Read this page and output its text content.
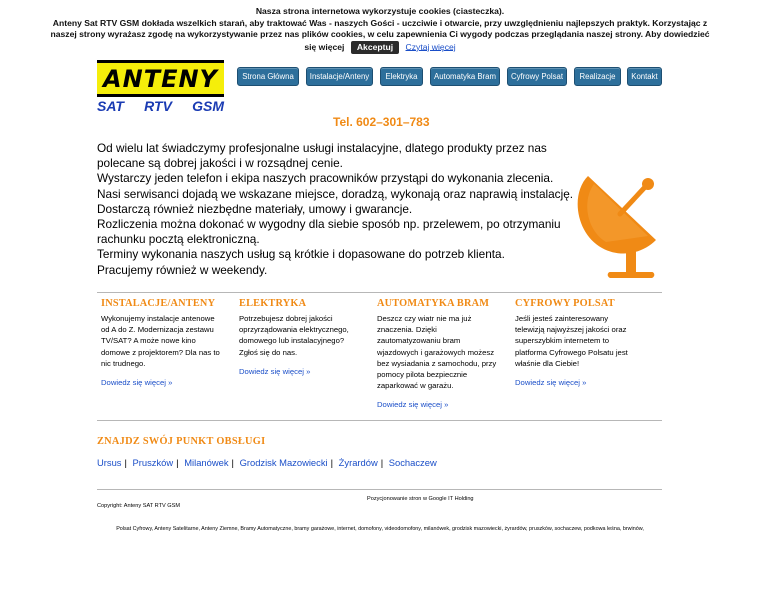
Nasza strona internetowa wykorzystuje cookies (ciasteczka).
Anteny Sat RTV GSM dokłada wszelkich starań, aby traktować Was - naszych Gości - uczciwie i otwarcie, przy uwzględnieniu najlepszych praktyk. Korzystając z
naszej strony wyrażasz zgodę na wykorzystywanie przez nas plików cookies, w celu zapewnienia Ci wygody podczas przeglądania naszej strony. Aby dowiedzieć
się więcej Akceptuj Czytaj więcej
ANTENY
SAT RTV GSM
Strona Główna	Instalacje/Anteny	Elektryka	Automatyka Bram	Cyfrowy Polsat	Realizacje	Kontakt
Tel. 602–301–783

Od wielu lat świadczymy profesjonalne usługi instalacyjne, dlatego produkty przez nas

polecane są dobrej jakości i w rozsądnej cenie.

Wystarczy jeden telefon i ekipa naszych pracowników przystąpi do wykonania zlecenia.

Nasi serwisanci dojadą we wskazane miejsce, doradzą, wykonają oraz naprawią instalację.

Dostarczą również niezbędne materiały, umowy i gwarancje.

Rozliczenia można dokonać w wygodny dla siebie sposób np. przelewem, po otrzymaniu

rachunku pocztą elektroniczną.

Terminy wykonania naszych usług są krótkie i dopasowane do potrzeb klienta.

Pracujemy również w weekendy.

INSTALACJE/ANTENY
Wykonujemy instalacje antenowe
od A do Z. Modernizacja zestawu
TV/SAT? A może nowe kino
domowe z projektorem? Dla nas to
nic trudnego.
Dowiedz się więcej »
ELEKTRYKA
Potrzebujesz dobrej jakości
oprzyrządowania elektrycznego,
domowego lub instalacyjnego?
Zgłoś się do nas.
Dowiedz się więcej »
AUTOMATYKA BRAM
Deszcz czy wiatr nie ma już
znaczenia. Dzięki
zautomatyzowaniu bram
wjazdowych i garażowych możesz
bez wysiadania z samochodu, przy
pomocy pilota bezpiecznie
zaparkować w garażu.
Dowiedz się więcej »
CYFROWY POLSAT
Jeśli jesteś zainteresowany
telewizją najwyższej jakości oraz
superszybkim internetem to
platforma Cyfrowego Polsatu jest
właśnie dla Ciebie!
Dowiedz się więcej »
ZNAJDZ SWÓJ PUNKT OBSŁUGI
Ursus | Pruszków | Milanówek | Grodzisk Mazowiecki | Żyrardów | Sochaczew
Pozycjonowanie stron w Google IT Holding
Copyright: Anteny SAT RTV GSM
Polsat Cyfrowy, Anteny Satelitarne, Anteny Ziemne, Bramy Automatyczne, bramy garażowe, internet, domofony, videodomofony, milanówek, grodzisk mazowiecki, żyrardów, pruszków, sochaczew, podkowa leśna, brwinów,
